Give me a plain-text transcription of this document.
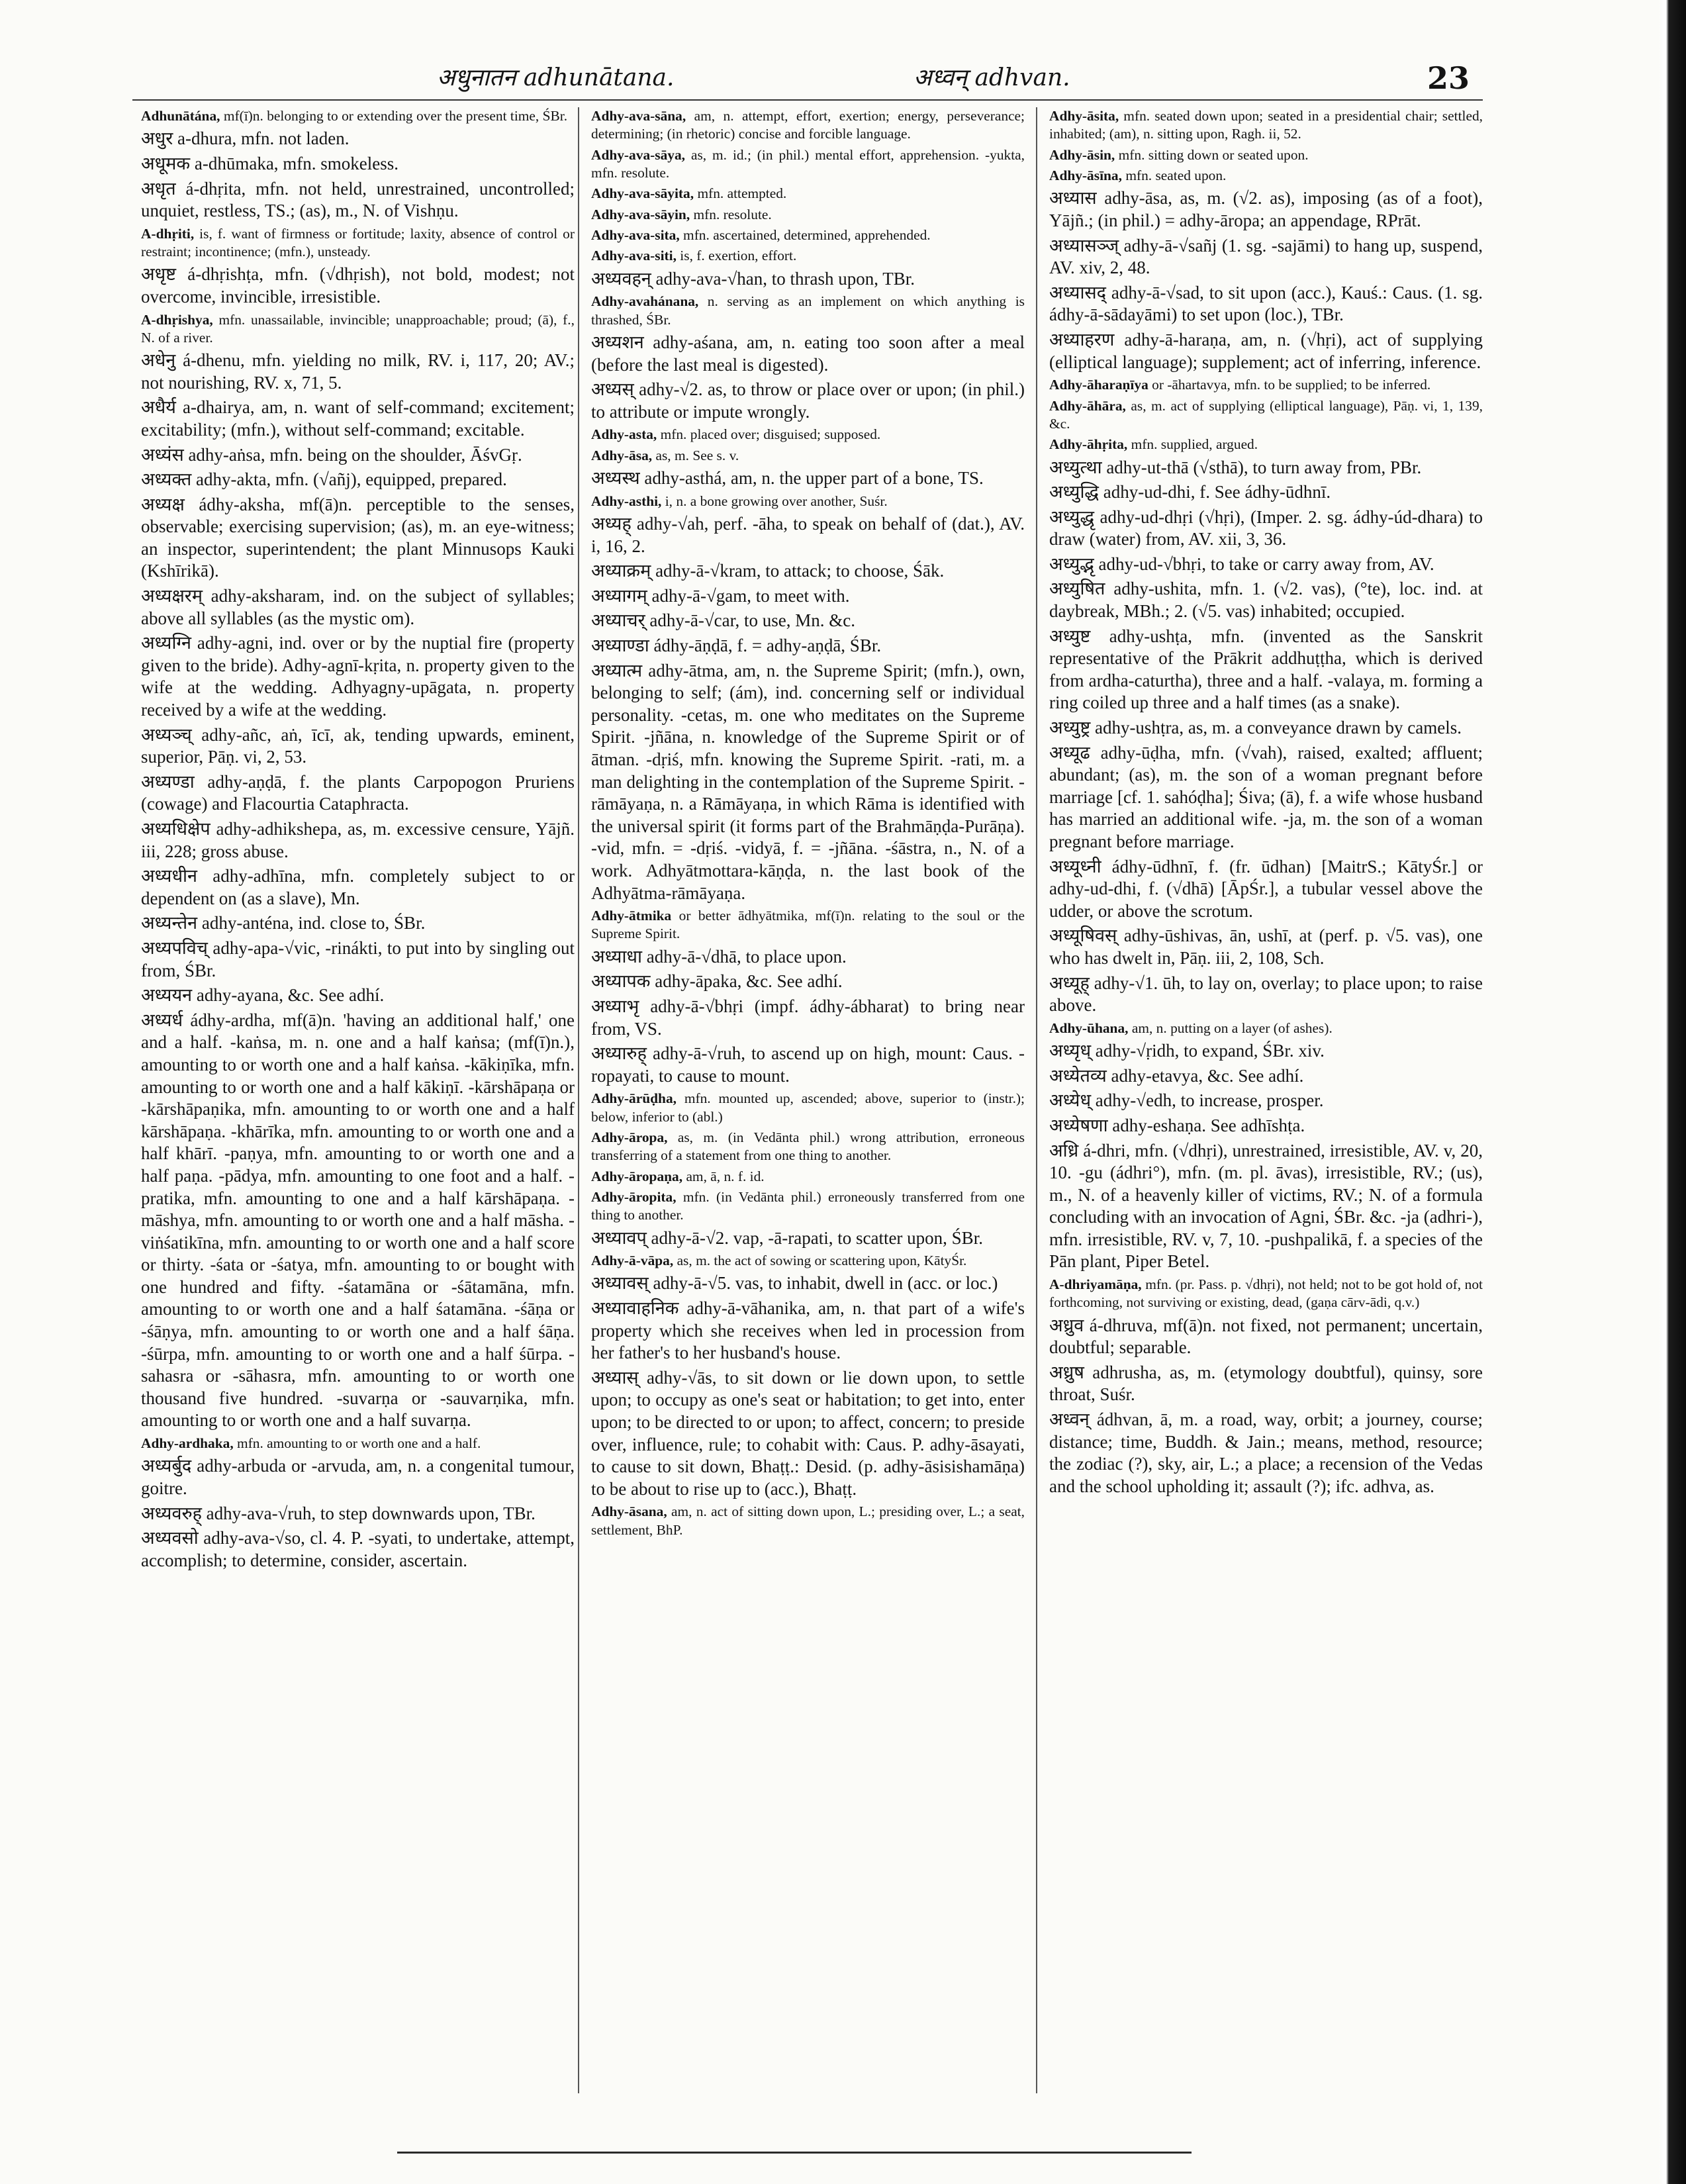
अधुनातन adhunātana.	अध्वन् adhvan.	23

Adhunātána, mf(ī)n. belonging to or extending over the present time, ŚBr.

अधुर a-dhura, mfn. not laden.

अधूमक a-dhūmaka, mfn. smokeless.

अधृत á-dhṛita, mfn. not held, unrestrained, uncontrolled; unquiet, restless, TS.; (as), m., N. of Vishṇu.

A-dhṛiti, is, f. want of firmness or fortitude; laxity, absence of control or restraint; incontinence; (mfn.), unsteady.

अधृष्ट á-dhṛishṭa, mfn. (√dhṛish), not bold, modest; not overcome, invincible, irresistible.

A-dhṛishya, mfn. unassailable, invincible; unapproachable; proud; (ā), f., N. of a river.

अधेनु á-dhenu, mfn. yielding no milk, RV. i, 117, 20; AV.; not nourishing, RV. x, 71, 5.

अधैर्य a-dhairya, am, n. want of self-command; excitement; excitability; (mfn.), without self-command; excitable.

अध्यंस adhy-aṅsa, mfn. being on the shoulder, ĀśvGṛ.

अध्यक्त adhy-akta, mfn. (√añj), equipped, prepared.

अध्यक्ष ádhy-aksha, mf(ā)n. perceptible to the senses, observable; exercising supervision; (as), m. an eye-witness; an inspector, superintendent; the plant Minnusops Kauki (Kshīrikā).

अध्यक्षरम् adhy-aksharam, ind. on the subject of syllables; above all syllables (as the mystic om).

अध्यग्नि adhy-agni, ind. over or by the nuptial fire (property given to the bride). Adhy-agnī-kṛita, n. property given to the wife at the wedding. Adhyagny-upāgata, n. property received by a wife at the wedding.

अध्यञ्च् adhy-añc, aṅ, īcī, ak, tending upwards, eminent, superior, Pāṇ. vi, 2, 53.

अध्यण्डा adhy-aṇḍā, f. the plants Carpopogon Pruriens (cowage) and Flacourtia Cataphracta.

अध्यधिक्षेप adhy-adhikshepa, as, m. excessive censure, Yājñ. iii, 228; gross abuse.

अध्यधीन adhy-adhīna, mfn. completely subject to or dependent on (as a slave), Mn.

अध्यन्तेन adhy-anténa, ind. close to, ŚBr.

अध्यपविच् adhy-apa-√vic, -rinákti, to put into by singling out from, ŚBr.

अध्ययन adhy-ayana, &c. See adhí.

अध्यर्ध ádhy-ardha, mf(ā)n. 'having an additional half,' one and a half. -kaṅsa, m. n. one and a half kaṅsa; (mf(ī)n.), amounting to or worth one and a half kaṅsa. -kākiṇīka, mfn. amounting to or worth one and a half kākiṇī. -kārshāpaṇa or -kārshāpaṇika, mfn. amounting to or worth one and a half kārshāpaṇa. -khārīka, mfn. amounting to or worth one and a half khārī. -paṇya, mfn. amounting to or worth one and a half paṇa. -pādya, mfn. amounting to one foot and a half. -pratika, mfn. amounting to one and a half kārshāpaṇa. -māshya, mfn. amounting to or worth one and a half māsha. -viṅśatikīna, mfn. amounting to or worth one and a half score or thirty. -śata or -śatya, mfn. amounting to or bought with one hundred and fifty. -śatamāna or -śātamāna, mfn. amounting to or worth one and a half śatamāna. -śāṇa or -śāṇya, mfn. amounting to or worth one and a half śāṇa. -śūrpa, mfn. amounting to or worth one and a half śūrpa. -sahasra or -sāhasra, mfn. amounting to or worth one thousand five hundred. -suvarṇa or -sauvarṇika, mfn. amounting to or worth one and a half suvarṇa.

Adhy-ardhaka, mfn. amounting to or worth one and a half.

अध्यर्बुद adhy-arbuda or -arvuda, am, n. a congenital tumour, goitre.

अध्यवरुह् adhy-ava-√ruh, to step downwards upon, TBr.

अध्यवसो adhy-ava-√so, cl. 4. P. -syati, to undertake, attempt, accomplish; to determine, consider, ascertain.

Adhy-ava-sāna, am, n. attempt, effort, exertion; energy, perseverance; determining; (in rhetoric) concise and forcible language.

Adhy-ava-sāya, as, m. id.; (in phil.) mental effort, apprehension. -yukta, mfn. resolute.

Adhy-ava-sāyita, mfn. attempted.

Adhy-ava-sāyin, mfn. resolute.

Adhy-ava-sita, mfn. ascertained, determined, apprehended.

Adhy-ava-siti, is, f. exertion, effort.

अध्यवहन् adhy-ava-√han, to thrash upon, TBr.

Adhy-avahánana, n. serving as an implement on which anything is thrashed, ŚBr.

अध्यशन adhy-aśana, am, n. eating too soon after a meal (before the last meal is digested).

अध्यस् adhy-√2. as, to throw or place over or upon; (in phil.) to attribute or impute wrongly.

Adhy-asta, mfn. placed over; disguised; supposed.

Adhy-āsa, as, m. See s. v.

अध्यस्थ adhy-asthá, am, n. the upper part of a bone, TS.

Adhy-asthi, i, n. a bone growing over another, Suśr.

अध्यह् adhy-√ah, perf. -āha, to speak on behalf of (dat.), AV. i, 16, 2.

अध्याक्रम् adhy-ā-√kram, to attack; to choose, Śāk.

अध्यागम् adhy-ā-√gam, to meet with.

अध्याचर् adhy-ā-√car, to use, Mn. &c.

अध्याण्डा ádhy-āṇḍā, f. = adhy-aṇḍā, ŚBr.

अध्यात्म adhy-ātma, am, n. the Supreme Spirit; (mfn.), own, belonging to self; (ám), ind. concerning self or individual personality. -cetas, m. one who meditates on the Supreme Spirit. -jñāna, n. knowledge of the Supreme Spirit or of ātman. -dṛiś, mfn. knowing the Supreme Spirit. -rati, m. a man delighting in the contemplation of the Supreme Spirit. -rāmāyaṇa, n. a Rāmāyaṇa, in which Rāma is identified with the universal spirit (it forms part of the Brahmāṇḍa-Purāṇa). -vid, mfn. = -dṛiś. -vidyā, f. = -jñāna. -śāstra, n., N. of a work. Adhyātmottara-kāṇḍa, n. the last book of the Adhyātma-rāmāyaṇa.

Adhy-ātmika or better ādhyātmika, mf(ī)n. relating to the soul or the Supreme Spirit.

अध्याधा adhy-ā-√dhā, to place upon.

अध्यापक adhy-āpaka, &c. See adhí.

अध्याभृ adhy-ā-√bhṛi (impf. ádhy-ábharat) to bring near from, VS.

अध्यारुह् adhy-ā-√ruh, to ascend up on high, mount: Caus. -ropayati, to cause to mount.

Adhy-ārūḍha, mfn. mounted up, ascended; above, superior to (instr.); below, inferior to (abl.)

Adhy-āropa, as, m. (in Vedānta phil.) wrong attribution, erroneous transferring of a statement from one thing to another.

Adhy-āropaṇa, am, ā, n. f. id.

Adhy-āropita, mfn. (in Vedānta phil.) erroneously transferred from one thing to another.

अध्यावप् adhy-ā-√2. vap, -ā-rapati, to scatter upon, ŚBr.

Adhy-ā-vāpa, as, m. the act of sowing or scattering upon, KātyŚr.

अध्यावस् adhy-ā-√5. vas, to inhabit, dwell in (acc. or loc.)

अध्यावाहनिक adhy-ā-vāhanika, am, n. that part of a wife's property which she receives when led in procession from her father's to her husband's house.

अध्यास् adhy-√ās, to sit down or lie down upon, to settle upon; to occupy as one's seat or habitation; to get into, enter upon; to be directed to or upon; to affect, concern; to preside over, influence, rule; to cohabit with: Caus. P. adhy-āsayati, to cause to sit down, Bhaṭṭ.: Desid. (p. adhy-āsisishamāṇa) to be about to rise up to (acc.), Bhaṭṭ.

Adhy-āsana, am, n. act of sitting down upon, L.; presiding over, L.; a seat, settlement, BhP.

Adhy-āsita, mfn. seated down upon; seated in a presidential chair; settled, inhabited; (am), n. sitting upon, Ragh. ii, 52.

Adhy-āsin, mfn. sitting down or seated upon.

Adhy-āsīna, mfn. seated upon.

अध्यास adhy-āsa, as, m. (√2. as), imposing (as of a foot), Yājñ.; (in phil.) = adhy-āropa; an appendage, RPrāt.

अध्यासञ्ज् adhy-ā-√sañj (1. sg. -sajāmi) to hang up, suspend, AV. xiv, 2, 48.

अध्यासद् adhy-ā-√sad, to sit upon (acc.), Kauś.: Caus. (1. sg. ádhy-ā-sādayāmi) to set upon (loc.), TBr.

अध्याहरण adhy-ā-haraṇa, am, n. (√hṛi), act of supplying (elliptical language); supplement; act of inferring, inference.

Adhy-āharaṇīya or -āhartavya, mfn. to be supplied; to be inferred.

Adhy-āhāra, as, m. act of supplying (elliptical language), Pāṇ. vi, 1, 139, &c.

Adhy-āhṛita, mfn. supplied, argued.

अध्युत्था adhy-ut-thā (√sthā), to turn away from, PBr.

अध्युद्धि adhy-ud-dhi, f. See ádhy-ūdhnī.

अध्युद्धृ adhy-ud-dhṛi (√hṛi), (Imper. 2. sg. ádhy-úd-dhara) to draw (water) from, AV. xii, 3, 36.

अध्युद्भृ adhy-ud-√bhṛi, to take or carry away from, AV.

अध्युषित adhy-ushita, mfn. 1. (√2. vas), (°te), loc. ind. at daybreak, MBh.; 2. (√5. vas) inhabited; occupied.

अध्युष्ट adhy-ushṭa, mfn. (invented as the Sanskrit representative of the Prākrit addhuṭṭha, which is derived from ardha-caturtha), three and a half. -valaya, m. forming a ring coiled up three and a half times (as a snake).

अध्युष्ट्र adhy-ushṭra, as, m. a conveyance drawn by camels.

अध्यूढ adhy-ūḍha, mfn. (√vah), raised, exalted; affluent; abundant; (as), m. the son of a woman pregnant before marriage [cf. 1. sahóḍha]; Śiva; (ā), f. a wife whose husband has married an additional wife. -ja, m. the son of a woman pregnant before marriage.

अध्यूध्नी ádhy-ūdhnī, f. (fr. ūdhan) [MaitrS.; KātyŚr.] or adhy-ud-dhi, f. (√dhā) [ĀpŚr.], a tubular vessel above the udder, or above the scrotum.

अध्यूषिवस् adhy-ūshivas, ān, ushī, at (perf. p. √5. vas), one who has dwelt in, Pāṇ. iii, 2, 108, Sch.

अध्यूह् adhy-√1. ūh, to lay on, overlay; to place upon; to raise above.

Adhy-ūhana, am, n. putting on a layer (of ashes).

अध्यृध् adhy-√ṛidh, to expand, ŚBr. xiv.

अध्येतव्य adhy-etavya, &c. See adhí.

अध्येध् adhy-√edh, to increase, prosper.

अध्येषणा adhy-eshaṇa. See adhīshṭa.

अध्रि á-dhri, mfn. (√dhṛi), unrestrained, irresistible, AV. v, 20, 10. -gu (ádhri°), mfn. (m. pl. āvas), irresistible, RV.; (us), m., N. of a heavenly killer of victims, RV.; N. of a formula concluding with an invocation of Agni, ŚBr. &c. -ja (adhri-), mfn. irresistible, RV. v, 7, 10. -pushpalikā, f. a species of the Pān plant, Piper Betel.

A-dhriyamāṇa, mfn. (pr. Pass. p. √dhṛi), not held; not to be got hold of, not forthcoming, not surviving or existing, dead, (gaṇa cārv-ādi, q.v.)

अध्रुव á-dhruva, mf(ā)n. not fixed, not permanent; uncertain, doubtful; separable.

अध्रुष adhrusha, as, m. (etymology doubtful), quinsy, sore throat, Suśr.

अध्वन् ádhvan, ā, m. a road, way, orbit; a journey, course; distance; time, Buddh. & Jain.; means, method, resource; the zodiac (?), sky, air, L.; a place; a recension of the Vedas and the school upholding it; assault (?); ifc. adhva, as.
